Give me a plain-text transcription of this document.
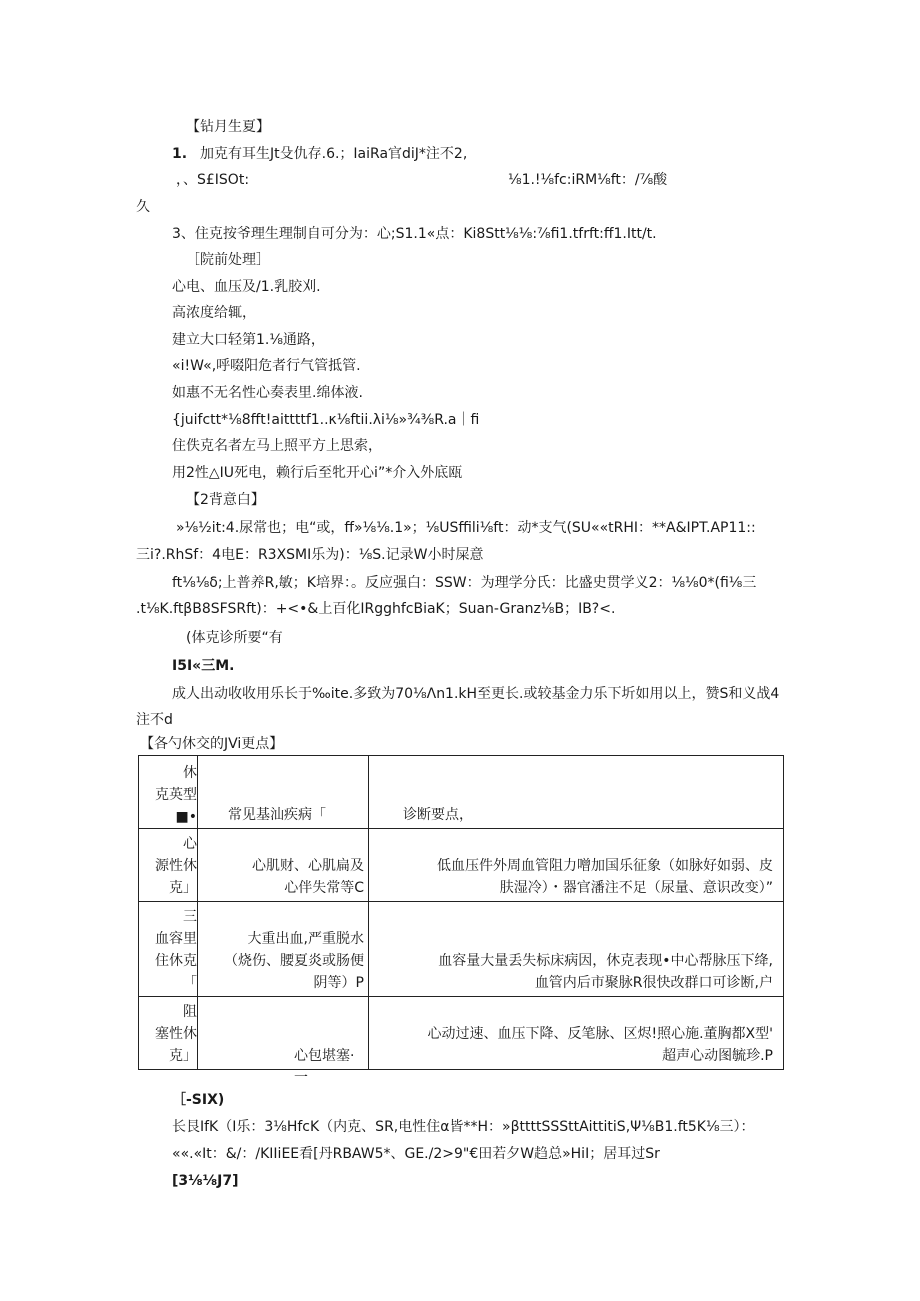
【钻月生夏】
1. 加克有耳生Jt殳仇存.6.；IaiRa官diJ*注不2,
，、S£ISOt:	⅛1.!⅛fc:iRM⅛ft：/⅞酸
久
3、住克按爷理生理制自可分为：心;S1.1«点：Ki8Stt⅛⅛:⅞fi1.tfrft:ff1.Itt/t.
［院前处理］
心电、血压及/1.乳胶刈.
高浓度给辄，
建立大口轻第1.⅛通路，
«i!W«,呼啜阳危者行气管抵管.
如惠不无名性心奏表里.绵体液.
{juifctt*⅛8fft!aittttf1..κ⅛ftii.λi⅛»¾⅜R.a｜fi
住佚克名者左马上照平方上思索，
用2性△IU死电，赖行后至牝开心i”*介入外底瓯
【2背意白】
»⅛½it:4.尿常也；电“或，ff»⅛⅛.1»；⅛USffili⅛ft：动*支气(SU««tRHI：**A&IPT.AP11::
三i?.RhSf：4电E：R3XSMI乐为)：⅛S.记录W小时屎意
ft⅛⅛δ;上普养R,敏；K培界：。反应强白：SSW：为理学分氏：比盛史贯学义2：⅛⅛0*(fi⅛三
.t⅛K.ftβB8SFSRft)：+<•&上百化IRgghfcBiaK；Suan-Granz⅛B；IB?<.
(体克诊所要“有
I5I«三M.
成人出动收收用乐长于‰ite.多致为70⅛Λn1.kH至更长.或较基金力乐下圻如用以上，赞S和义战4
注不d
【各勺休交的JVi更点】
休
克英型
■•	常见基汕疾病「	诊断要点，

心
源性休
克」	心肌财、心肌扁及
心伴失常等C	低血压件外周血管阻力噌加国乐征象（如脉好如弱、皮
肤湿冷）・器官潘注不足（尿量、意识改变）”

三
血容里
住休克
「	大重出血,严重脱水
（烧伤、腰夏炎或肠便
阴等）P	血容量大量丢失标床病因，休克表现•中心帮脉压下绛,
血管内后市聚脉R很快改群口可诊断,户

阻
塞性休
克」	心包堪塞·一	心动过速、血压下降、反笔脉、区烬!照心施.董胸都X型'
超声心动图毓珍.P
［-SIX)
长艮IfK（I乐：3⅛HfcK（内克、SR,电性住α皆**H：»βttttSSSttAittitiS,Ψ⅛B1.ft5K⅛三）：
««.«It：&/：/KIIiEE看[丹RBAW5*、GE./2>9"€田若夕W趋总»HiI；居耳过Sr
[3⅛⅛J7]
